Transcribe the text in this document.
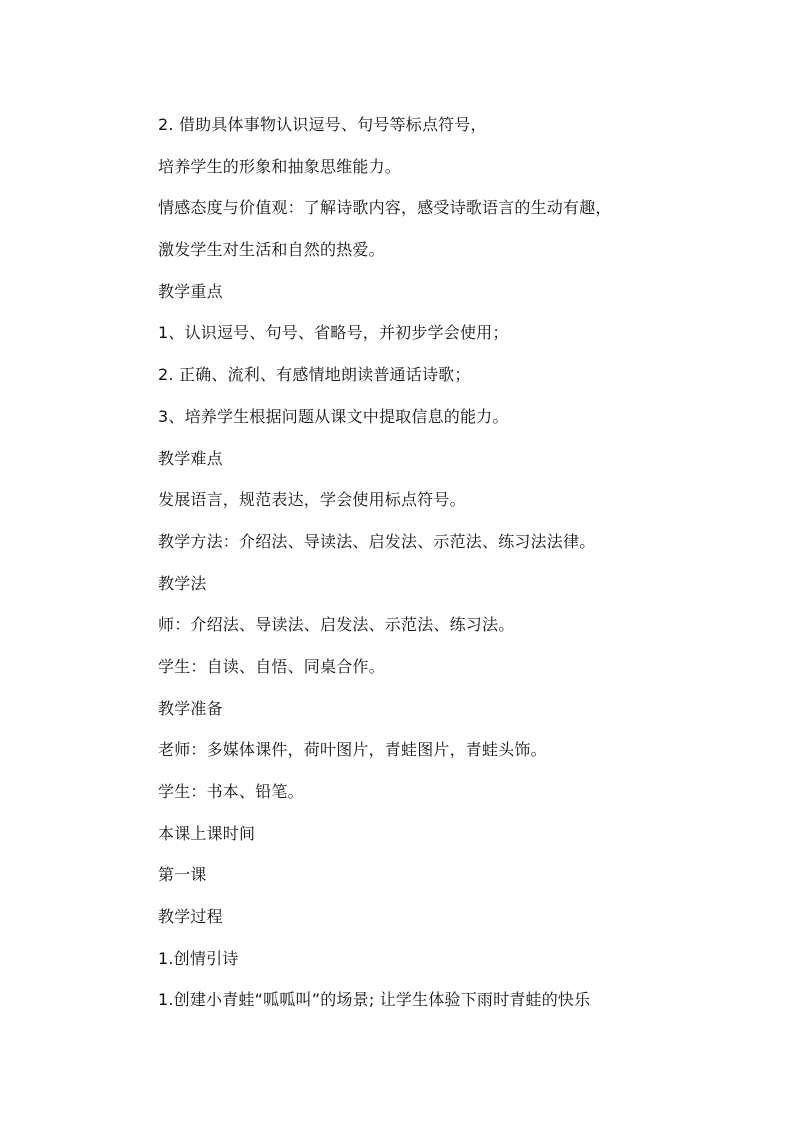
2. 借助具体事物认识逗号、句号等标点符号，
培养学生的形象和抽象思维能力。
情感态度与价值观：了解诗歌内容，感受诗歌语言的生动有趣，
激发学生对生活和自然的热爱。
教学重点
1、认识逗号、句号、省略号，并初步学会使用；
2. 正确、流利、有感情地朗读普通话诗歌；
3、培养学生根据问题从课文中提取信息的能力。
教学难点
发展语言，规范表达，学会使用标点符号。
教学方法：介绍法、导读法、启发法、示范法、练习法法律。
教学法
师：介绍法、导读法、启发法、示范法、练习法。
学生：自读、自悟、同桌合作。
教学准备
老师：多媒体课件，荷叶图片，青蛙图片，青蛙头饰。
学生：书本、铅笔。
本课上课时间
第一课
教学过程
1.创情引诗
1.创建小青蛙“呱呱叫”的场景; 让学生体验下雨时青蛙的快乐
